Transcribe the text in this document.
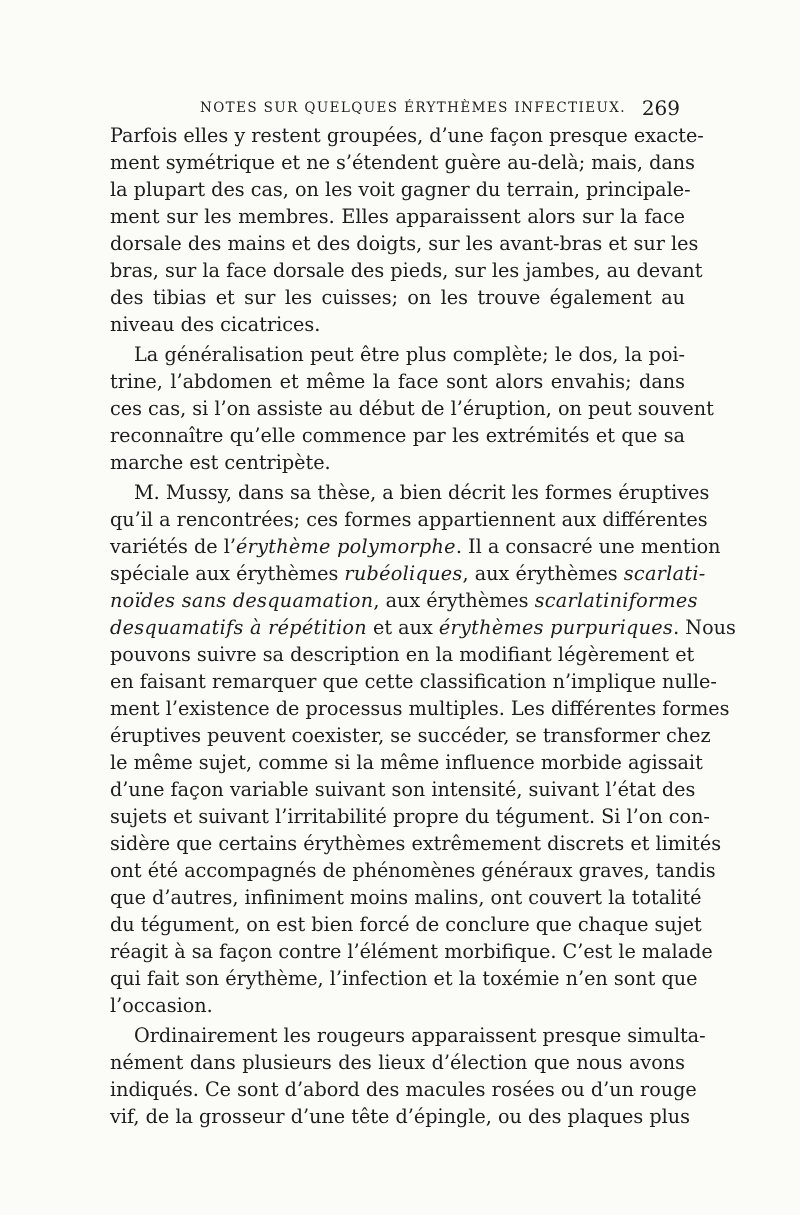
NOTES SUR QUELQUES ÉRYTHÈMES INFECTIEUX. 269
Parfois elles y restent groupées, d’une façon presque exacte-
ment symétrique et ne s’étendent guère au-delà; mais, dans
la plupart des cas, on les voit gagner du terrain, principale-
ment sur les membres. Elles apparaissent alors sur la face
dorsale des mains et des doigts, sur les avant-bras et sur les
bras, sur la face dorsale des pieds, sur les jambes, au devant
des tibias et sur les cuisses; on les trouve également au
niveau des cicatrices.
La généralisation peut être plus complète; le dos, la poi-
trine, l’abdomen et même la face sont alors envahis; dans
ces cas, si l’on assiste au début de l’éruption, on peut souvent
reconnaître qu’elle commence par les extrémités et que sa
marche est centripète.
M. Mussy, dans sa thèse, a bien décrit les formes éruptives
qu’il a rencontrées; ces formes appartiennent aux différentes
variétés de l’érythème polymorphe. Il a consacré une mention
spéciale aux érythèmes rubéoliques, aux érythèmes scarlati-
noïdes sans desquamation, aux érythèmes scarlatiniformes
desquamatifs à répétition et aux érythèmes purpuriques. Nous
pouvons suivre sa description en la modifiant légèrement et
en faisant remarquer que cette classification n’implique nulle-
ment l’existence de processus multiples. Les différentes formes
éruptives peuvent coexister, se succéder, se transformer chez
le même sujet, comme si la même influence morbide agissait
d’une façon variable suivant son intensité, suivant l’état des
sujets et suivant l’irritabilité propre du tégument. Si l’on con-
sidère que certains érythèmes extrêmement discrets et limités
ont été accompagnés de phénomènes généraux graves, tandis
que d’autres, infiniment moins malins, ont couvert la totalité
du tégument, on est bien forcé de conclure que chaque sujet
réagit à sa façon contre l’élément morbifique. C’est le malade
qui fait son érythème, l’infection et la toxémie n’en sont que
l’occasion.
Ordinairement les rougeurs apparaissent presque simulta-
nément dans plusieurs des lieux d’élection que nous avons
indiqués. Ce sont d’abord des macules rosées ou d’un rouge
vif, de la grosseur d’une tête d’épingle, ou des plaques plus
